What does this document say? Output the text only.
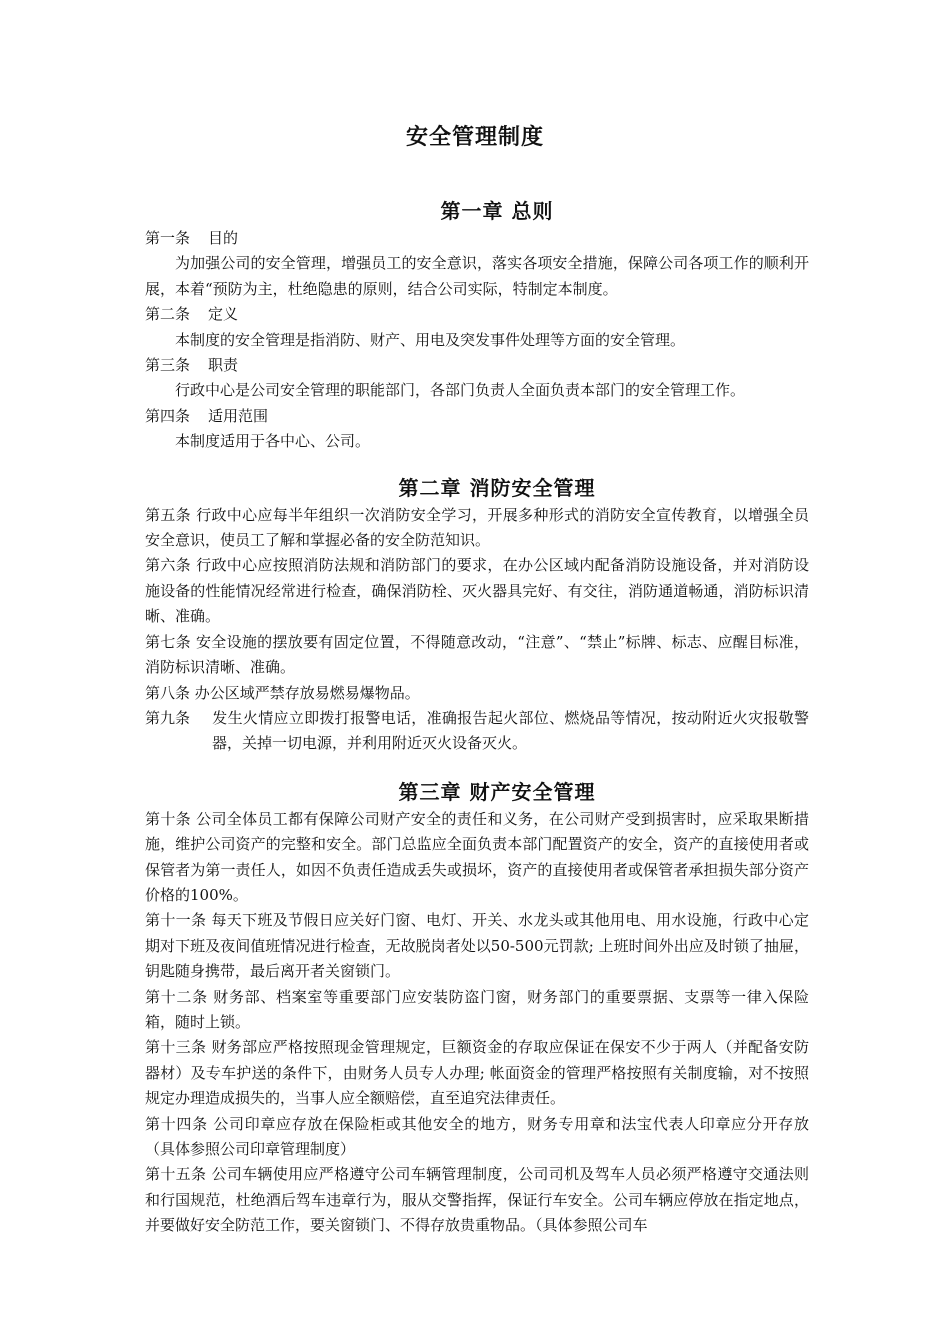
安全管理制度
第一章 总则

第一条 目的

为加强公司的安全管理，增强员工的安全意识，落实各项安全措施，保障公司各项工作的顺利开展，本着“预防为主，杜绝隐患的原则，结合公司实际，特制定本制度。

第二条 定义

本制度的安全管理是指消防、财产、用电及突发事件处理等方面的安全管理。

第三条 职责

行政中心是公司安全管理的职能部门，各部门负责人全面负责本部门的安全管理工作。

第四条 适用范围

本制度适用于各中心、公司。

第二章 消防安全管理

第五条 行政中心应每半年组织一次消防安全学习，开展多种形式的消防安全宣传教育，以增强全员安全意识，使员工了解和掌握必备的安全防范知识。

第六条 行政中心应按照消防法规和消防部门的要求，在办公区域内配备消防设施设备，并对消防设施设备的性能情况经常进行检查，确保消防栓、灭火器具完好、有交往，消防通道畅通，消防标识清晰、准确。

第七条 安全设施的摆放要有固定位置，不得随意改动，“注意”、“禁止”标牌、标志、应醒目标准，消防标识清晰、准确。

第八条 办公区域严禁存放易燃易爆物品。

第九条 发生火情应立即拨打报警电话，准确报告起火部位、燃烧品等情况，按动附近火灾报敬警器，关掉一切电源，并利用附近灭火设备灭火。

第三章 财产安全管理

第十条 公司全体员工都有保障公司财产安全的责任和义务，在公司财产受到损害时，应采取果断措施，维护公司资产的完整和安全。部门总监应全面负责本部门配置资产的安全，资产的直接使用者或保管者为第一责任人，如因不负责任造成丢失或损坏，资产的直接使用者或保管者承担损失部分资产价格的100%。

第十一条 每天下班及节假日应关好门窗、电灯、开关、水龙头或其他用电、用水设施，行政中心定期对下班及夜间值班情况进行检查，无故脱岗者处以50-500元罚款; 上班时间外出应及时锁了抽屉，钥匙随身携带，最后离开者关窗锁门。

第十二条 财务部、档案室等重要部门应安装防盗门窗，财务部门的重要票据、支票等一律入保险箱，随时上锁。

第十三条 财务部应严格按照现金管理规定，巨额资金的存取应保证在保安不少于两人（并配备安防器材）及专车护送的条件下，由财务人员专人办理; 帐面资金的管理严格按照有关制度输，对不按照规定办理造成损失的，当事人应全额赔偿，直至追究法律责任。

第十四条 公司印章应存放在保险柜或其他安全的地方，财务专用章和法宝代表人印章应分开存放（具体参照公司印章管理制度）

第十五条 公司车辆使用应严格遵守公司车辆管理制度，公司司机及驾车人员必须严格遵守交通法则和行国规范，杜绝酒后驾车违章行为，服从交警指挥，保证行车安全。公司车辆应停放在指定地点，并要做好安全防范工作，要关窗锁门、不得存放贵重物品。（具体参照公司车
